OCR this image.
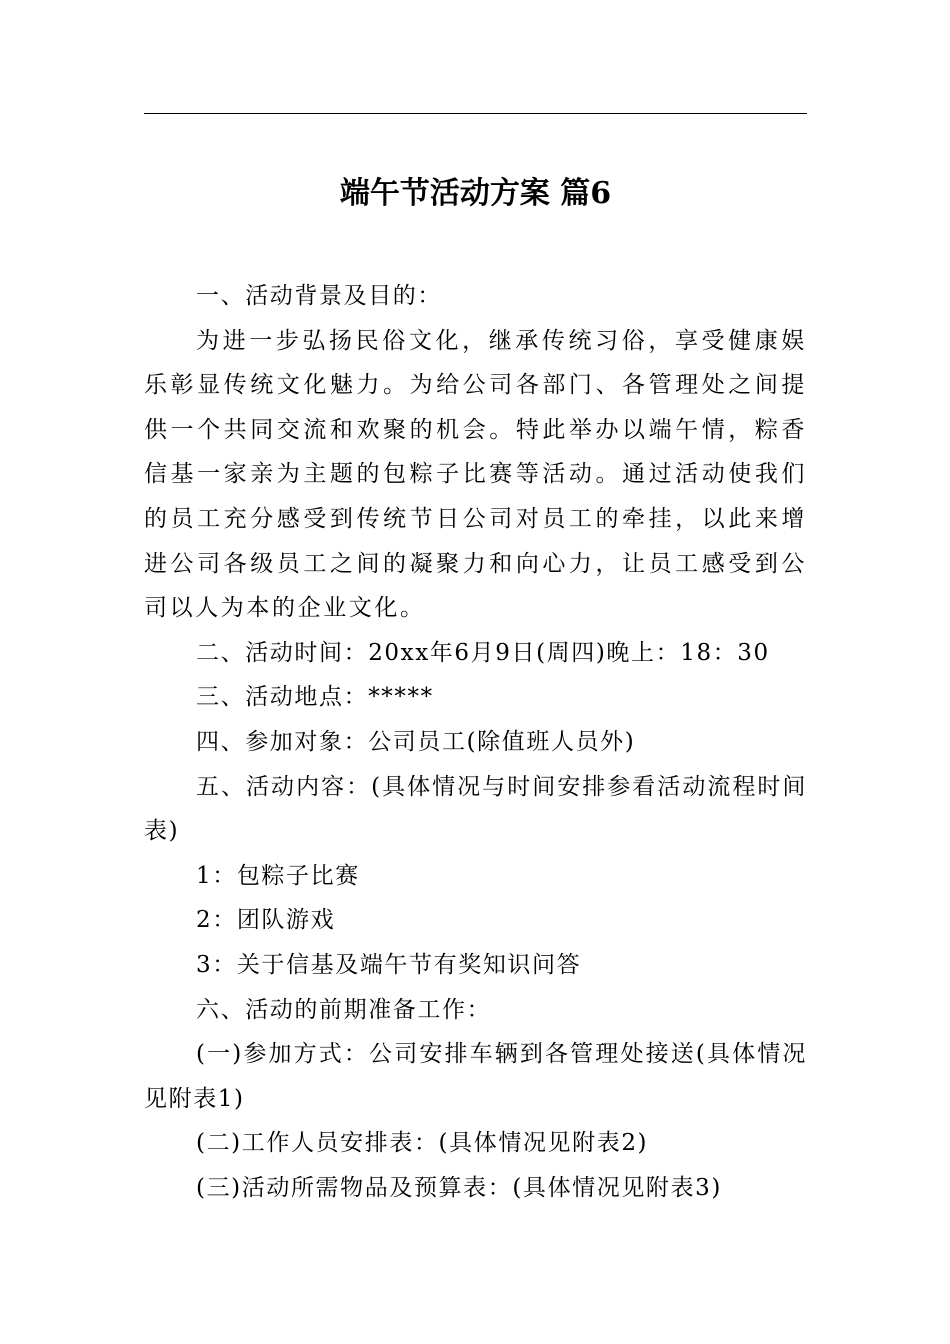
端午节活动方案 篇6

一、活动背景及目的：

为进一步弘扬民俗文化，继承传统习俗，享受健康娱乐彰显传统文化魅力。为给公司各部门、各管理处之间提供一个共同交流和欢聚的机会。特此举办以端午情，粽香信基一家亲为主题的包粽子比赛等活动。通过活动使我们的员工充分感受到传统节日公司对员工的牵挂，以此来增进公司各级员工之间的凝聚力和向心力，让员工感受到公司以人为本的企业文化。

二、活动时间：20xx年6月9日(周四)晚上：18：30

三、活动地点：*****

四、参加对象：公司员工(除值班人员外)

五、活动内容：(具体情况与时间安排参看活动流程时间表)

1：包粽子比赛

2：团队游戏

3：关于信基及端午节有奖知识问答

六、活动的前期准备工作：

(一)参加方式：公司安排车辆到各管理处接送(具体情况见附表1)

(二)工作人员安排表：(具体情况见附表2)

(三)活动所需物品及预算表：(具体情况见附表3)
